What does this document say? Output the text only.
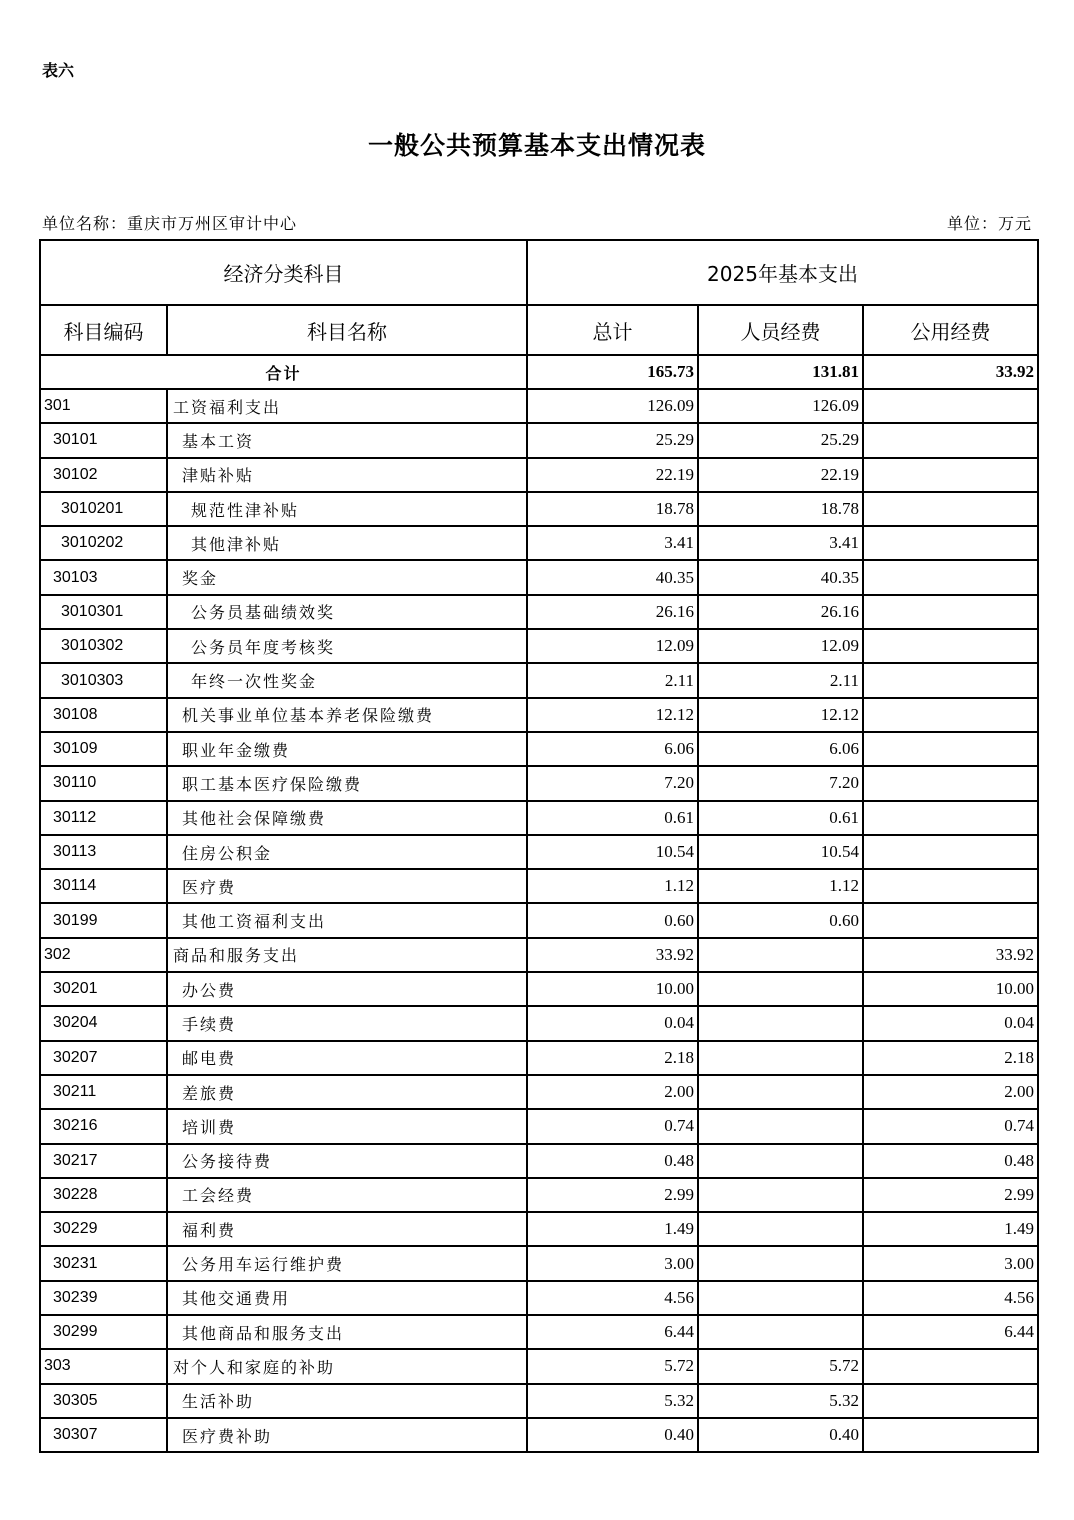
表六
一般公共预算基本支出情况表
单位名称：重庆市万州区审计中心	单位：万元
经济分类科目		2025年基本支出		
科目编码	科目名称	总计	人员经费	公用经费
合计		165.73	131.81	33.92
301	工资福利支出	126.09	126.09	
30101	基本工资	25.29	25.29	
30102	津贴补贴	22.19	22.19	
3010201	规范性津补贴	18.78	18.78	
3010202	其他津补贴	3.41	3.41	
30103	奖金	40.35	40.35	
3010301	公务员基础绩效奖	26.16	26.16	
3010302	公务员年度考核奖	12.09	12.09	
3010303	年终一次性奖金	2.11	2.11	
30108	机关事业单位基本养老保险缴费	12.12	12.12	
30109	职业年金缴费	6.06	6.06	
30110	职工基本医疗保险缴费	7.20	7.20	
30112	其他社会保障缴费	0.61	0.61	
30113	住房公积金	10.54	10.54	
30114	医疗费	1.12	1.12	
30199	其他工资福利支出	0.60	0.60	
302	商品和服务支出	33.92		33.92
30201	办公费	10.00		10.00
30204	手续费	0.04		0.04
30207	邮电费	2.18		2.18
30211	差旅费	2.00		2.00
30216	培训费	0.74		0.74
30217	公务接待费	0.48		0.48
30228	工会经费	2.99		2.99
30229	福利费	1.49		1.49
30231	公务用车运行维护费	3.00		3.00
30239	其他交通费用	4.56		4.56
30299	其他商品和服务支出	6.44		6.44
303	对个人和家庭的补助	5.72	5.72	
30305	生活补助	5.32	5.32	
30307	医疗费补助	0.40	0.40	
